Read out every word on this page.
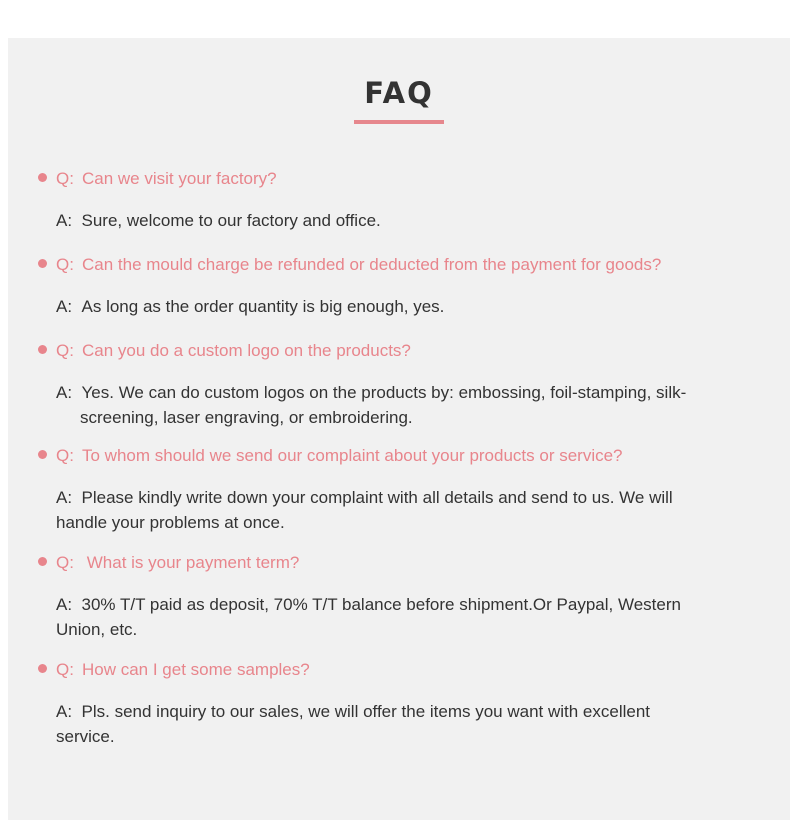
FAQ
Q: Can we visit your factory?
A: Sure, welcome to our factory and office.
Q: Can the mould charge be refunded or deducted from the payment for goods?
A: As long as the order quantity is big enough, yes.
Q: Can you do a custom logo on the products?
A: Yes. We can do custom logos on the products by: embossing, foil-stamping, silk-screening, laser engraving, or embroidering.
Q: To whom should we send our complaint about your products or service?
A: Please kindly write down your complaint with all details and send to us. We will handle your problems at once.
Q: What is your payment term?
A: 30% T/T paid as deposit, 70% T/T balance before shipment.Or Paypal, Western Union, etc.
Q: How can I get some samples?
A: Pls. send inquiry to our sales, we will offer the items you want with excellent service.
